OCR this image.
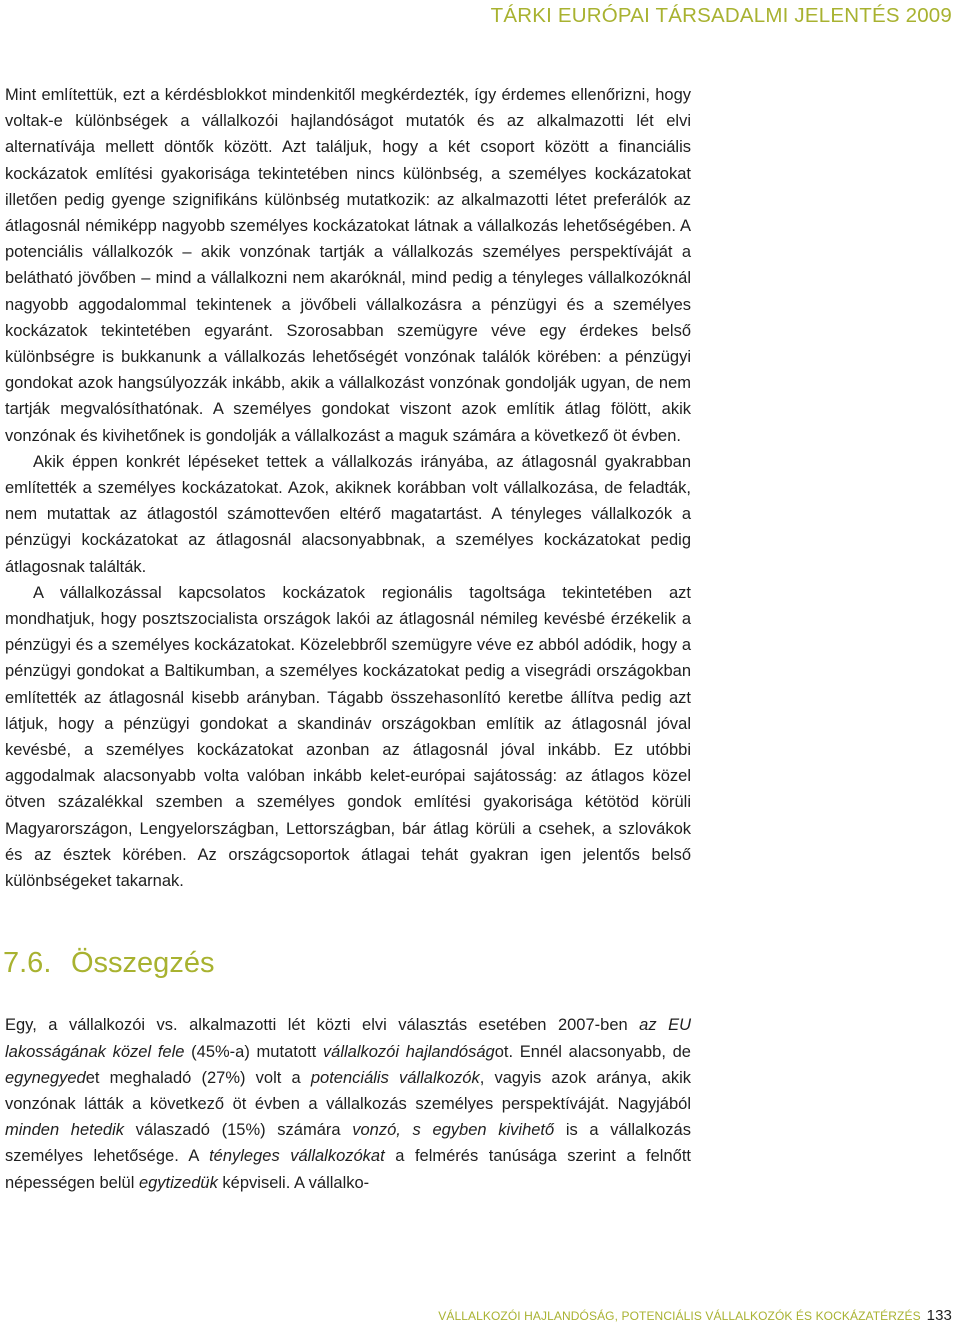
TÁRKI EURÓPAI TÁRSADALMI JELENTÉS 2009

Mint említettük, ezt a kérdésblokkot mindenkitől megkérdezték, így érdemes ellenőrizni, hogy voltak-e különbségek a vállalkozói hajlandóságot mutatók és az alkalmazotti lét elvi alternatívája mellett döntők között. Azt találjuk, hogy a két csoport között a financiális kockázatok említési gyakorisága tekintetében nincs különbség, a személyes kockázatokat illetően pedig gyenge szignifikáns különbség mutatkozik: az alkalmazotti létet preferálók az átlagosnál némiképp nagyobb személyes kockázatokat látnak a vállalkozás lehetőségében. A potenciális vállalkozók – akik vonzónak tartják a vállalkozás személyes perspektíváját a belátható jövőben – mind a vállalkozni nem akaróknál, mind pedig a tényleges vállalkozóknál nagyobb aggodalommal tekintenek a jövőbeli vállalkozásra a pénzügyi és a személyes kockázatok tekintetében egyaránt. Szorosabban szemügyre véve egy érdekes belső különbségre is bukkanunk a vállalkozás lehetőségét vonzónak találók körében: a pénzügyi gondokat azok hangsúlyozzák inkább, akik a vállalkozást vonzónak gondolják ugyan, de nem tartják megvalósíthatónak. A személyes gondokat viszont azok említik átlag fölött, akik vonzónak és kivihetőnek is gondolják a vállalkozást a maguk számára a következő öt évben.

Akik éppen konkrét lépéseket tettek a vállalkozás irányába, az átlagosnál gyakrabban említették a személyes kockázatokat. Azok, akiknek korábban volt vállalkozása, de feladták, nem mutattak az átlagostól számottevően eltérő magatartást. A tényleges vállalkozók a pénzügyi kockázatokat az átlagosnál alacsonyabbnak, a személyes kockázatokat pedig átlagosnak találták.

A vállalkozással kapcsolatos kockázatok regionális tagoltsága tekintetében azt mondhatjuk, hogy posztszocialista országok lakói az átlagosnál némileg kevésbé érzékelik a pénzügyi és a személyes kockázatokat. Közelebbről szemügyre véve ez abból adódik, hogy a pénzügyi gondokat a Baltikumban, a személyes kockázatokat pedig a visegrádi országokban említették az átlagosnál kisebb arányban. Tágabb összehasonlító keretbe állítva pedig azt látjuk, hogy a pénzügyi gondokat a skandináv országokban említik az átlagosnál jóval kevésbé, a személyes kockázatokat azonban az átlagosnál jóval inkább. Ez utóbbi aggodalmak alacsonyabb volta valóban inkább kelet-európai sajátosság: az átlagos közel ötven százalékkal szemben a személyes gondok említési gyakorisága kétötöd körüli Magyarországon, Lengyelországban, Lettországban, bár átlag körüli a csehek, a szlovákok és az észtek körében. Az országcsoportok átlagai tehát gyakran igen jelentős belső különbségeket takarnak.

7.6. Összegzés

Egy, a vállalkozói vs. alkalmazotti lét közti elvi választás esetében 2007-ben az EU lakosságának közel fele (45%-a) mutatott vállalkozói hajlandóságot. Ennél alacsonyabb, de egynegyedet meghaladó (27%) volt a potenciális vállalkozók, vagyis azok aránya, akik vonzónak látták a következő öt évben a vállalkozás személyes perspektíváját. Nagyjából minden hetedik válaszadó (15%) számára vonzó, s egyben kivihető is a vállalkozás személyes lehetősége. A tényleges vállalkozókat a felmérés tanúsága szerint a felnőtt népességen belül egytizedük képviseli. A vállalko-

VÁLLALKOZÓI HAJLANDÓSÁG, POTENCIÁLIS VÁLLALKOZÓK ÉS KOCKÁZATÉRZÉS 133
